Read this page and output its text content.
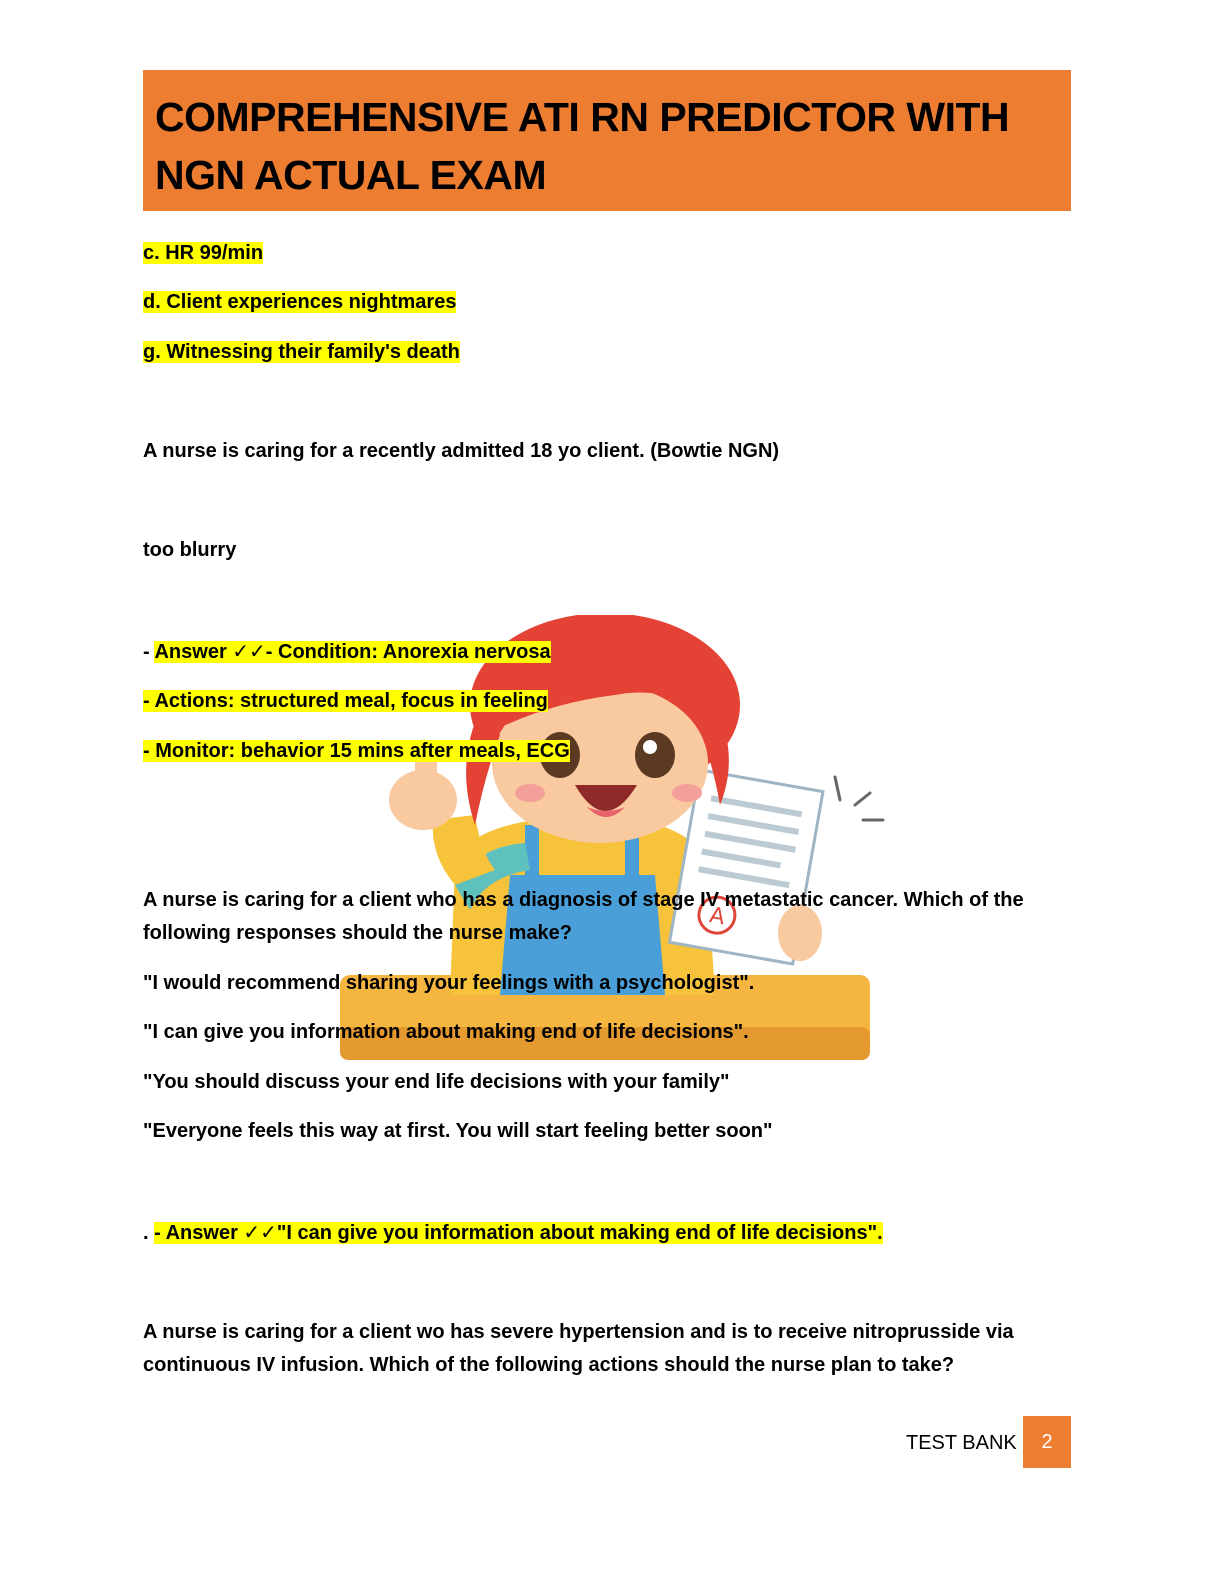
COMPREHENSIVE ATI RN PREDICTOR WITH NGN ACTUAL EXAM

c. HR 99/min

d. Client experiences nightmares

g. Witnessing their family's death

A nurse is caring for a recently admitted 18 yo client. (Bowtie NGN)

too blurry

A

- Answer ✓✓- Condition: Anorexia nervosa

- Actions: structured meal, focus in feeling

- Monitor: behavior 15 mins after meals, ECG

A nurse is caring for a client who has a diagnosis of stage IV metastatic cancer. Which of the following responses should the nurse make?

"I would recommend sharing your feelings with a psychologist".

"I can give you information about making end of life decisions".

"You should discuss your end life decisions with your family"

"Everyone feels this way at first. You will start feeling better soon"

. - Answer ✓✓"I can give you information about making end of life decisions".

A nurse is caring for a client wo has severe hypertension and is to receive nitroprusside via continuous IV infusion. Which of the following actions should the nurse plan to take?

TEST BANK	2
